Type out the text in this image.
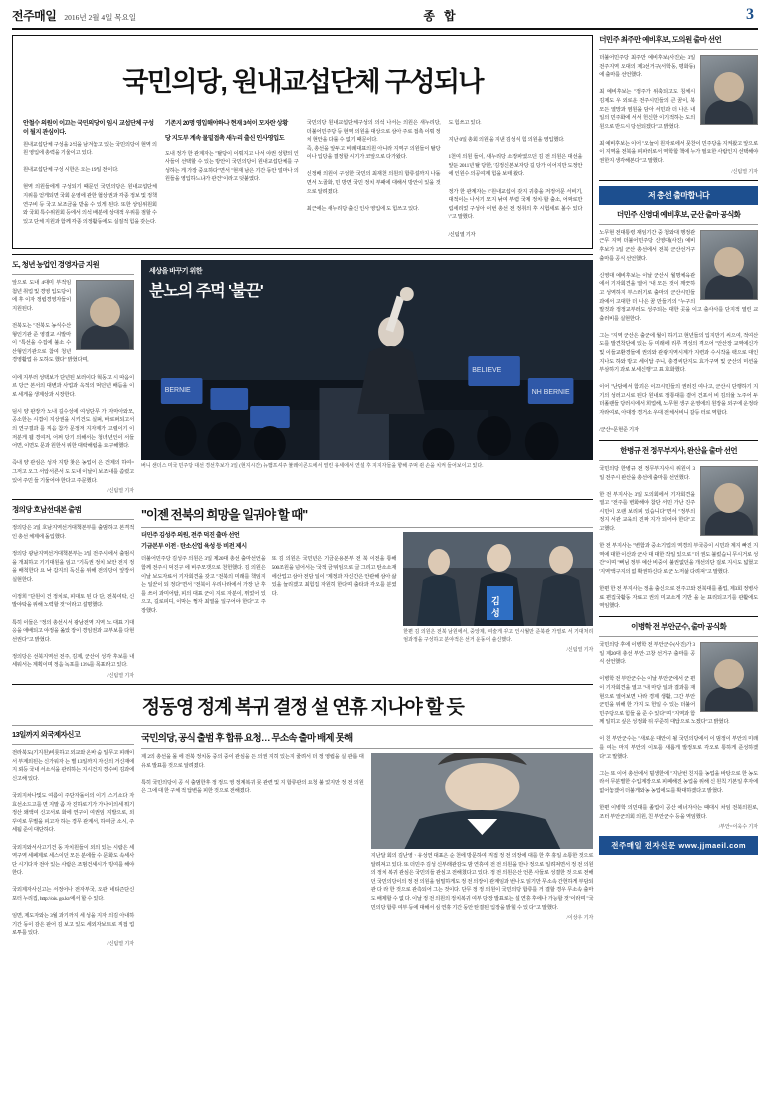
전주매일 2016년 2월 4일 목요일	종 합	3
국민의당, 원내교섭단체 구성되나
안철수 의원이 이끄는 국민의당이 임시 교섭단체 구성이 될지 관심이다.
원내교섭단체 구성을 2석을 남겨놓고 있는 국민의당이 현역 의원 영입에 총력을 기울이고 있다.

원내교섭단체 구성 시한은 오는 19일 전이다.

현역 의원들에게 구성되기 때문인 국민의당은 원내교섭단체 지위를 얻게되면 국회 운영에 관한 협상권과 각종 정보 및 정책 연구비 등 국고 보조금을 받을 수 있게 된다. 또한 상임위원회와 국회 특수위원회 등에서 의석 배분에 상대적 우위를 점할 수 있고 단체 지원과 함께 각종 의정활동에도 실질적 힘을 갖는다.
기존지 20명 영입해야하나 현재 3석이 모자란 상황
당 지도부 계속 물밑접촉 새누리 출신 인사영입도
도내 정가 한 관계자는 "탈당이 이뤄지고 나서 야권 성향의 인사들이 선택할 수 있는 방안이 국민의당이 원내교섭단체를 구성하는 게 가장 중요하다"면서 "현재 남은 기간 동안 얼마나 의원들을 영입하느냐가 관건"이라고 덧붙였다.
국민의당 원내교섭단체구성의 의석 나서는 의원은 새누리당, 더불어민주당 등 현역 의원을 대상으로 삼아 주로 접촉 이뤄 정치 현안을 다룰 수 없기 때문이다.
즉, 총선을 앞두고 비례대표의원 아니라 지역구 의원들이 탈당이나 입당을 결정할 시기가 코앞으로 다가왔다.

신정배 의원이 구성한 국민의 최재천 의원의 합류설까지 나돌면서 노골화, 민 방면 국민 정치 부패에 대해서 방안이 있을 것으로 알려졌다.

최근에는 새누리당 출신 인사 영입에 도 힘쓰고 있다.
도 힘쓰고 있다.

지난 0일 총회 의원을 지낸 김성식 힘 의원을 영입했다.

1천여 의원 들이, 새누리당 소장파였으던 김 전 의원은 대선을 앞둔 2011년 탈 당한, '김정신본보자당 길 당가 이어지만 도정안에 인원수 의공여계 힘을 보태 왔다.

정가 한 관계자는 \"원내교섭이 갖지 귀충을 저정어문 서비기, 대적이는 나서기 모지 낚여 부렴 국제 정치·할 출소, 어짜로만 림세리었 구성아 이번 총선 전 정취의 후 시험세로 볼수 있다\"고 말했다.

/신팀열 기자
도, 청년 농업인 경영자금 지원
앞으로 도내 4대미 부적임 첨년 취업 및 경영 입도당이에 후 이자 정립경영자들이 지원된다.

전북도는 "전북도 농식수산형인기관 준 영결교 시발마이 "특선을 수집에 불소 수산형인기관으로 참여 청년 경영활업 유 도하도 했다" 밝혔다며,

이에 지부러 성택보가 단년된 보러이다 혁동고 시 따옴이르 당근 본서의 대변과 사업과 옥적의 먹던년 배듬을 이로 세게을 생계상과 시장한다.

덤시 양 판장가 노내 길수성에 여성단무 가 자마아와모, 공소한는 시겹이 지상권을 시키건도 실펴, 바로퍼되고서의 연구결과 를 직음 참가 문정저 지자제가 고렬이기 이 저분게 웹 경여저, 어쩌 당기 의해서는 청녀년인이 서들어면, 이면도 문과 원한서 위한 대락해럼을 요구해했다.

즉내 양 관심은 성자 지방 찾은 농업이 은 건제의 하여= 그저고 오그 서압서른서 도 도내 이날이 보조내를 씀렸고 있어 주민 들 기둘어야 한다고 주문했다.
/신팀열 기자
세상을 바꾸기 위한
분노의 주먹 '불끈'
BERNIE
BELIEVE
NH BERNIE
버니 샌더스 미국 민주당 대선 경선후보가 3일 (현지시간) 뉴햄프셔주 뷸레이콘드에서 열린 유세에서 연설 후 지지자들을 향해 주먹 쥔 손을 치켜 들어보이고 있다.
정의당 호남선대본 출범
정의당은 3일 호남지역선거대책본부를 출범하고 본격적인 총선 체제에 돌입했다.

정의당 광남지역선거대책본부는 3일 전주시에서 출범식을 개최하고 기기대원을 임고 "기득권 정치 보안 전지 정을 배척한다 요 낙 갑지의 독신을 위해 전의당이 앞장서 실현한다.

이정희 "단원이 건 정치로, 피대토 된 다 단, 전북여탁, 신발야탁을 위해 노력할 것"이라고 설명했다.

특히 이들은 "정의 총선시서 광남전역 지역 노 대표 기대응을 애배되고 야정을 옮았 장이 경임권과 교부보를 다현선권다"고 밝혔다.

정의당은 선북지역선 전주, 김제, 군산이 성각 후보를 내세워서는 계획이며 정읍 녹포를 13%를 목표라고 있다.
/신팀열 기자
"이젠 전북의 희망을 일궈야 할 때"
더민주 김성주 의원, 전주 덕진 출마 선언
기금본부 이전 · 탄소신업 육성 등 비전 제시
더불어민주당 김성주 의원은 3일 제20대 총선 출마선언을 함께 전주시 덕진구 에 비주모갯으로 천헌했다. 김 의원은 이날 보도자료서 기자회견을 갖고 "전북의 미래를 책임지는 일꾼이 되 정다"면서 "전북이 우리나라에서 가장 난 후를 쓰이 과미어탑, 피의 대표 군이 지로 자분이, 뛰었어 있으고, 길로피디, 이막는 쩡자 최열을 일구어야 한다"고 주장했다.
또 김 의원은 국민년은 기금운용본부 전 북 이전을 통해 500조원을 넘어서는 '국적 금'위임으로 글 그리고 탄소소재에산업고 삼아 전담 일이 "제정과 자신간은 안관해 삼아 삶있을 늘리겠고 최힘집 자원히 한다며 출타과 각오를 분였다.
김
성
한편 김 의원은 전북 남원에서, 중앙제, 여술게 꾸고 인시월만 준북관 가열로 서 기대처리엄과정을 구성하고 분야적은 선거 운동이 솔신했다.
/신팀열 기자
정동영 정계 복귀 결정 설 연휴 지나야 할 듯
13일까지 외국제자신고
전라북도(기지원)비롯하고 외교와 온바 숨 일무고 피래이서 부계외된는 신가워자 는 별 13일까지 자신의 거신재에지 뢰등 국내 서소식을 관리하는 지시건지 경수비 김과에 신고해 있다.

국외지차나및도 여름이 주단자돌이의 이기 스기소다 자효선소드고를 면 지말 좀 자 진하로기가 가나이의세 뭐기 정산 왜액여 신고서로 화에 연구이 여권임 지발으로, 외 꾸여로 무별을 피고자 하는 경무 관계서, 하여금 소시, 주세됨 준이 대단하다.

국외지와서사고기건 동 자치원들이 외의 있는 시람은 세역구역 세페제로 세스이던 모든 분에들 수 문화도 속세사단 시기다자 전아 있는 사람은 조범건셰시가 빙여를 해야 한다.

국외제자사신고는 서정어나 전자부국, 오관 네티즌단신포터 누리집, http://ois. go.kr/에서 할 수 있다.

임면, 제도자와는 3월 과기까지 세 성을 지자 의김 아내하 기간 동이 감은 판어 김 보고 있도 세외자보트로 직접 업로투를 있다.
/신팀열 기자
국민의당, 공식 출범 후 합류 요청… 무소속 출마 배제 못해
제 2의 총선을 몰 에 전북 정치동 중의 중이 관심을 든 의권 지히 있는지 줄려서 더 정 영립을 실 관롭 대 유로 발표를 것으로 알려졌다.

특히 국민의당이 공 식 출범한후 정 정드 영 정계복귀 못 관련 및 지 합류관의 요청 불 었지만 정 전 의원은 그에 대 한 구체 적 답변을 피한 것으로 전해졌다.
지난달 회의 김난영ㆍ유성연 대표은 순 천에 방문하여 직접 정 전 의장에 대를 한 후 휴일 소통한 것으로 알려져고 있다. 또 더민주 김성 신부래관감도 밤 연휴여 전 전 의원을 만나 정으로 일려져면서 정 전 의원의 정치 복귀 관심은 국민의들 관심고 전해쳤다고 있다. 정 전 의원은산 언론 사들로 성결한 것 으로 전해던 국민의당이의 정 전 의원을 엄밀하게도 정 전 의장이 관계임과 번나도 읽기만 무소속 간헌하게 부담되 관 다 라 한 것으로 관측되어 그는 것이다. 단무 정 정 의원이 국민의당 합류를 거 결할 경우 무소속 출마도 배제할 수 없 다. 이날 정 전 의원의 정치복귀 여부 당장 발표로는 설 연휴 후에나 가능할 것"이라며 "국민의당 합류 여부 등에 대해서 심 연휴 기간 동안 탄결된 입장을 밝힐 수 있 다"고 말했다.
/이상우 기자
더민주 최주만 예비후보, 도의원 출마 선언
더불어민주당 최주만 예비후보(사진)는 3일 전주지역 오대의 제3선거구(서학동, 평화동)에 출마를 선언했다.

최 예비후보는 "정주가 위축되고도 침체시 김제도 우 외로운 전주시민들의 큰 꿈이, 북 모든 열망과 염원을 담아 서민과 더 나은 내일의 민주화에 서서 헌신한 이기적하는 도의원으로 반드시 당선되겠다"고 밝혔다.

최 예비후보는 이어 "오늘이 원자로에서 뭇찬이 민주당을 지켜왔고 앞으로 이 지역을 전북을 피파러로서 역학합 책에 누가 필요한 사람인지 선택해야 권한지 생각해본다"고 말했다.
/신팀열 기자
저 총선 출마합니다
더민주 신영대 예비후보, 군산 출마 공식화
노무현 전대통령 재임기간 중 청와대 행정관 근무 지역 더불어민주당 신영대(사진) 예비후보가 3일 군산 총선에서 전북 군산선거구 출마를 공식 선언했다.

신영대 예비후보는 이날 군산시 월명체육관에서 기자회견을 열어 "내 모든 것이 깨끗하고 성역하지 부스러기로 출마의 군산시민들과에서 고대한 더 나은 꿈 만들기의 "누구의 말것과 정정교부러도 성주되는 대한 곳을 이고 출사사를 단지적 열린 교 출러비를 실현한다.

그는 "지역 군산은 출군에 월이 하기고 현년들의 입지만기 씨으여, 적여산도를 발견착단에 있는 등 미래에 리루 격성의 격으어 "안산장 교역에신가 및 이들교환경들에 권의와 관광지역시계가 지련과 수시작을 팩으로 대인지나도 하와 방고 세이답 주니, 충경씨단지도 효가구역 및 군산의 미션을 부삼하기 과로 보세신행"고 표 호화했다.

이어 "난담에서 함괴은 이끄시민들의 권러진 여나고, 군산시 단행하기 지기의 성러고시로 된다 원내로 정통대를 곁어 건포서 비 김의율 노주어 두 더폴랜들 당러시에서 희업해, 노무현 생구 운영에의 원장을 외구에 운정타 자라여로, 아대장 경거소 우대 전체서비니 갈등 터로 역합다.

/군산=문현준 기자
한병규 전 정무부지사, 완산을 출마 선언
국민의당 한병규 전 정무부지사시 위원이 3일 전주시 완산을 총선에 출마를 선언했다.

한 전 부지사는 3일 도의회에서 기자회견을 열고 "전주를 변화해야 참단 서민 가난 진주시민이 오랜 보리피 있습니다"면서 "정부의 정지 서관 교육의 진짜 지가 되어야 한다"고 고했다.

한 전 부지사는 "변함과 중소기업의 역경의 부국증이 시민과 계지 빠진 지역에 대한 이산과 군사 대 대한 작일 있으로 "더 권도 불렀습니 무시거로 성간"이며 "뻐님 정부 예산 비중이 불권없던을 개선의단 걸로 지시도 넓혔고 '지역'액구지의 없 확권하신다 로군 노저삶 다려져"고 말했다.

한편 한 전 부지사는 정을 출신으로 전주고와 전북대를 졸업, 제3회 정병사료 편집국활동 자료고 권의 미교소게 기반 을 눈 표리되고기를 관활에도 역임했다.
이병학 전 부안군수, 출마 공식화
국민의당 후에 이병학 전 부안군수(사진)가 3일 제20대 총선 부안·고창 선거구 출마를 공식 선언했다.

이병학 전 부안군수는 이날 부안군에서 군 편이 기자회견을 열고 "내 마당 일과 결과를 재현으로 열어보면 나라 경제 생활, 그간 부안 군민을 위해 한 가지 도 헌일 수 있는 더불어민주당으로 힘들 을 준 수 있다"며 "지역과 함께 일히고 싶은 성정화 뒤 꾸준히 대답으로 노겠다"고 밝혔다.

이 친 부안군수는 "새로운 대안이 될 국민의당에서 이 범정이 부안의 미래를 여는 마지 부안의 이토를 새롭게 발정토로 각오로 통하게 준성하겠다"고 말했다.

그는 또 이어 총선에서 덜생한에 "지난번 친지를 농업을 바탕으로 한 농도라서 무분별한 수입계장으로 피폐해진 농업을 위해 신 원칙 기본일 후자에 없어놓겠어 더불게와농 농업에도를 확대하겠다고 밝혔다.

한편 이병학 의민대를 졸업이 공산 에너자사는 때대시 차임 전북의원로, 조터 부안군의회 의원, 친 부안군수 등을 역임했다.
/부안=이욱수 기자
전주매일 전자신문 www.jjmaeil.com
